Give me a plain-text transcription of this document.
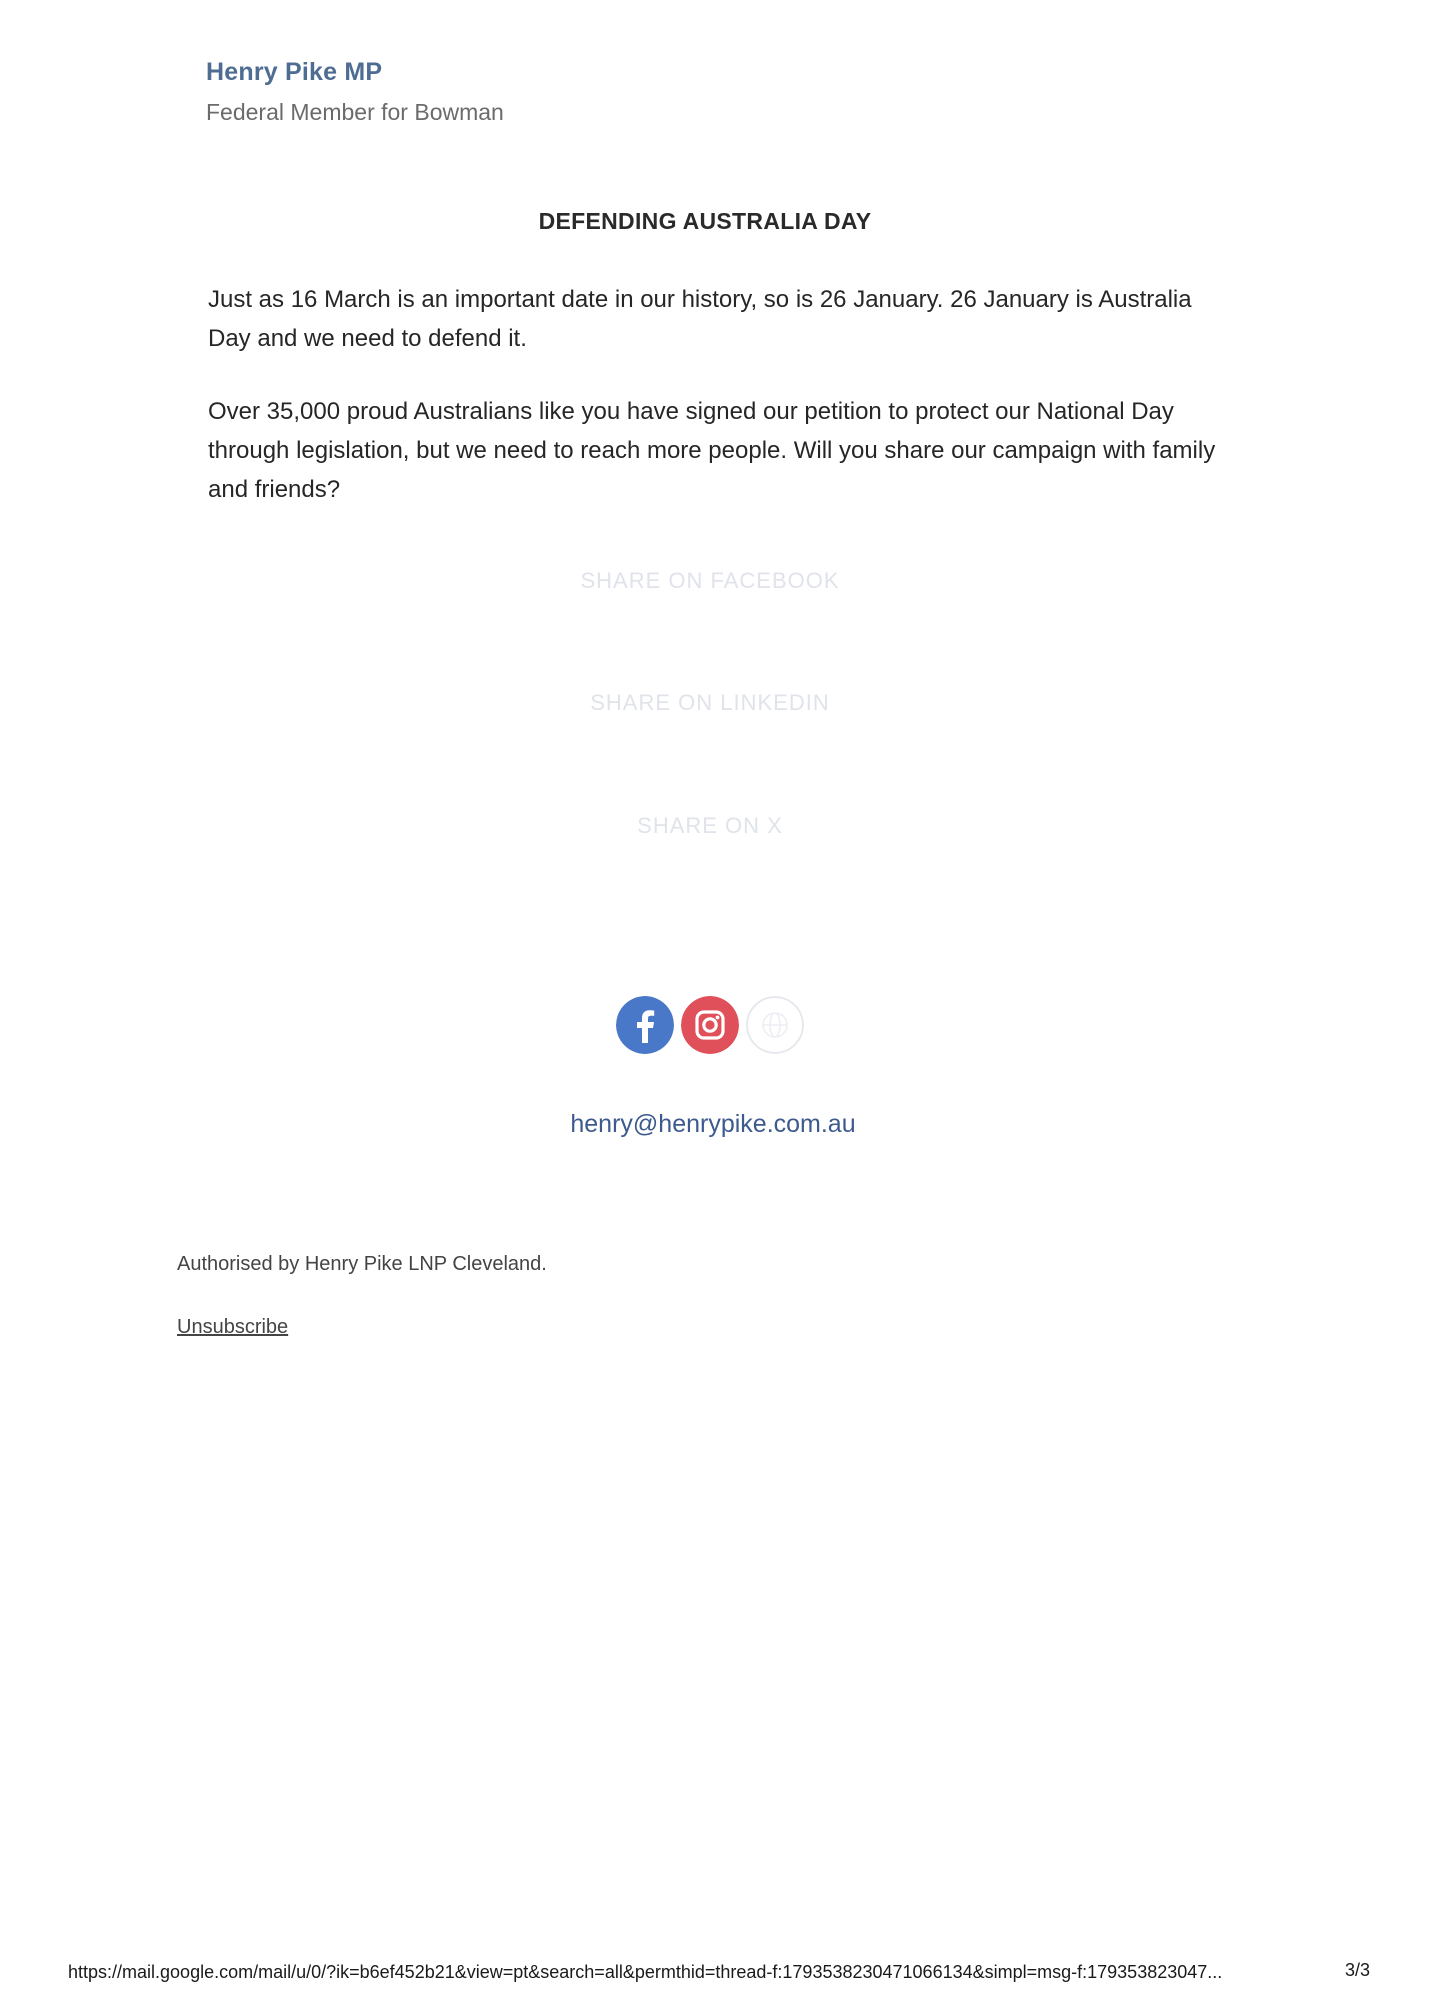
Henry Pike MP
Federal Member for Bowman
DEFENDING AUSTRALIA DAY

Just as 16 March is an important date in our history, so is 26 January. 26 January is Australia Day and we need to defend it.

Over 35,000 proud Australians like you have signed our petition to protect our National Day through legislation, but we need to reach more people. Will you share our campaign with family and friends?

SHARE ON FACEBOOK
SHARE ON LINKEDIN
SHARE ON X
henry@henrypike.com.au
Authorised by Henry Pike LNP Cleveland.
Unsubscribe
https://mail.google.com/mail/u/0/?ik=b6ef452b21&view=pt&search=all&permthid=thread-f:1793538230471066134&simpl=msg-f:179353823047...	3/3
